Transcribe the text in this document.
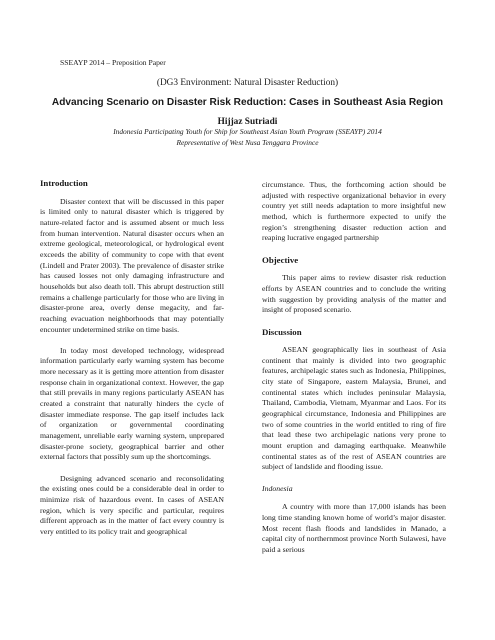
SSEAYP 2014 – Preposition Paper
(DG3 Environment: Natural Disaster Reduction)
Advancing Scenario on Disaster Risk Reduction: Cases in Southeast Asia Region
Hijjaz Sutriadi
Indonesia Participating Youth for Ship for Southeast Asian Youth Program (SSEAYP) 2014
Representative of West Nusa Tenggara Province
Introduction

Disaster context that will be discussed in this paper is limited only to natural disaster which is triggered by nature-related factor and is assumed absent or much less from human intervention. Natural disaster occurs when an extreme geological, meteorological, or hydrological event exceeds the ability of community to cope with that event (Lindell and Prater 2003). The prevalence of disaster strike has caused losses not only damaging infrastructure and households but also death toll. This abrupt destruction still remains a challenge particularly for those who are living in disaster-prone area, overly dense megacity, and far-reaching evacuation neighborhoods that may potentially encounter undetermined strike on time basis.

In today most developed technology, widespread information particularly early warning system has become more necessary as it is getting more attention from disaster response chain in organizational context. However, the gap that still prevails in many regions particularly ASEAN has created a constraint that naturally hinders the cycle of disaster immediate response. The gap itself includes lack of organization or governmental coordinating management, unreliable early warning system, unprepared disaster-prone society, geographical barrier and other external factors that possibly sum up the shortcomings.

Designing advanced scenario and reconsolidating the existing ones could be a considerable deal in order to minimize risk of hazardous event. In cases of ASEAN region, which is very specific and particular, requires different approach as in the matter of fact every country is very entitled to its policy trait and geographical

circumstance. Thus, the forthcoming action should be adjusted with respective organizational behavior in every country yet still needs adaptation to more insightful new method, which is furthermore expected to unify the region’s strengthening disaster reduction action and reaping lucrative engaged partnership

Objective

This paper aims to review disaster risk reduction efforts by ASEAN countries and to conclude the writing with suggestion by providing analysis of the matter and insight of proposed scenario.

Discussion

ASEAN geographically lies in southeast of Asia continent that mainly is divided into two geographic features, archipelagic states such as Indonesia, Philippines, city state of Singapore, eastern Malaysia, Brunei, and continental states which includes peninsular Malaysia, Thailand, Cambodia, Vietnam, Myanmar and Laos. For its geographical circumstance, Indonesia and Philippines are two of some countries in the world entitled to ring of fire that lead these two archipelagic nations very prone to mount eruption and damaging earthquake. Meanwhile continental states as of the rest of ASEAN countries are subject of landslide and flooding issue.

Indonesia

A country with more than 17,000 islands has been long time standing known home of world’s major disaster. Most recent flash floods and landslides in Manado, a capital city of northernmost province North Sulawesi, have paid a serious
